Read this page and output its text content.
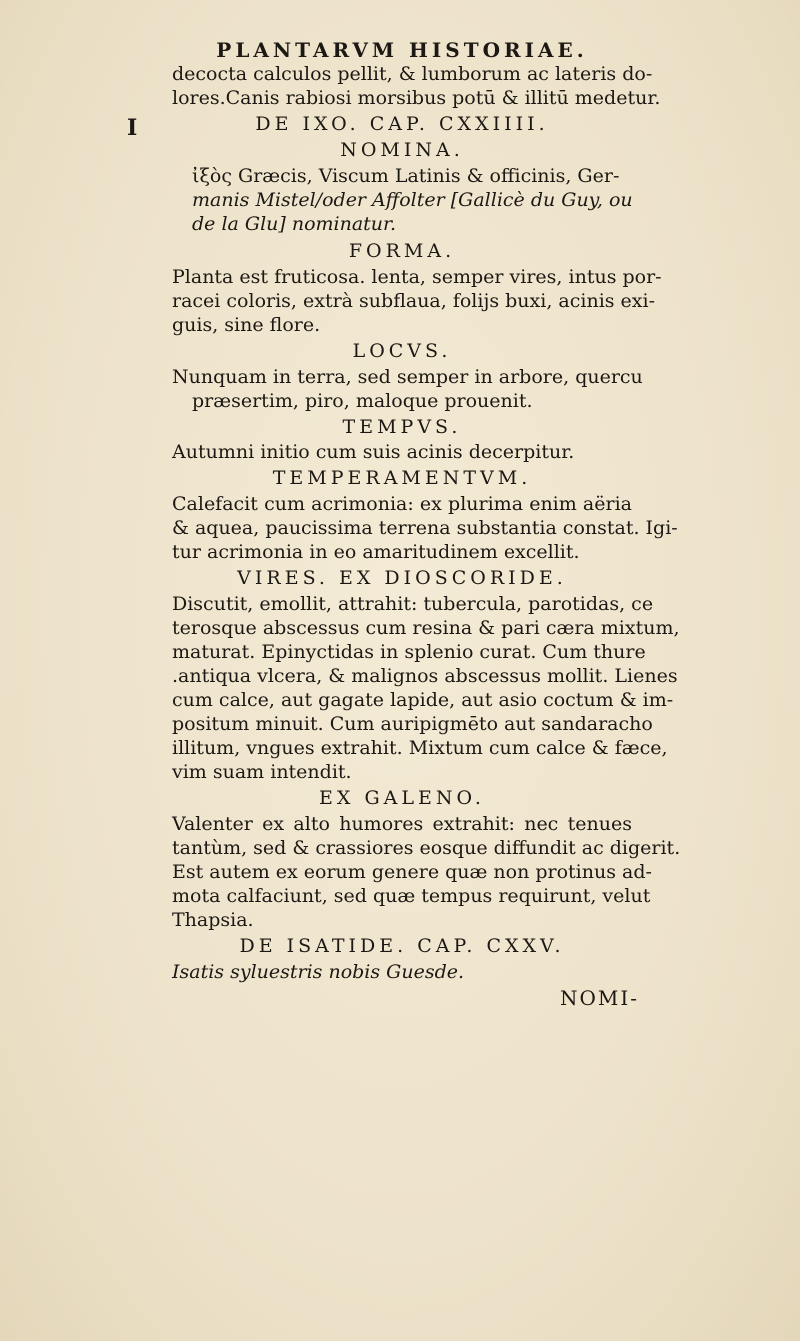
PLANTARVM HISTORIAE.
I
decocta calculos pellit, & lumborum ac lateris do-
lores.Canis rabiosi morsibus potū & illitū medetur.
DE IXO. CAP. CXXIIII.
NOMINA.
ἰξὸς Græcis, Viscum Latinis & officinis, Ger-
manis Mistel/oder Affolter [Gallicè du Guy, ou
de la Glu] nominatur.
FORMA.
Planta est fruticosa. lenta, semper vires, intus por-
racei coloris, extrà subflaua, folijs buxi, acinis exi-
guis, sine flore.
LOCVS.
Nunquam in terra, sed semper in arbore, quercu
præsertim, piro, maloque prouenit.
TEMPVS.
Autumni initio cum suis acinis decerpitur.
TEMPERAMENTVM.
Calefacit cum acrimonia: ex plurima enim aëria
& aquea, paucissima terrena substantia constat. Igi-
tur acrimonia in eo amaritudinem excellit.
VIRES. EX DIOSCORIDE.
Discutit, emollit, attrahit: tubercula, parotidas, ce
terosque abscessus cum resina & pari cæra mixtum,
maturat. Epinyctidas in splenio curat. Cum thure
.antiqua vlcera, & malignos abscessus mollit. Lienes
cum calce, aut gagate lapide, aut asio coctum & im-
positum minuit. Cum auripigmēto aut sandaracho
illitum, vngues extrahit. Mixtum cum calce & fæce,
vim suam intendit.
EX GALENO.
Valenter ex alto humores extrahit: nec tenues
tantùm, sed & crassiores eosque diffundit ac digerit.
Est autem ex eorum genere quæ non protinus ad-
mota calfaciunt, sed quæ tempus requirunt, velut
Thapsia.
DE ISATIDE. CAP. CXXV.
Isatis syluestris nobis Guesde.
NOMI-
